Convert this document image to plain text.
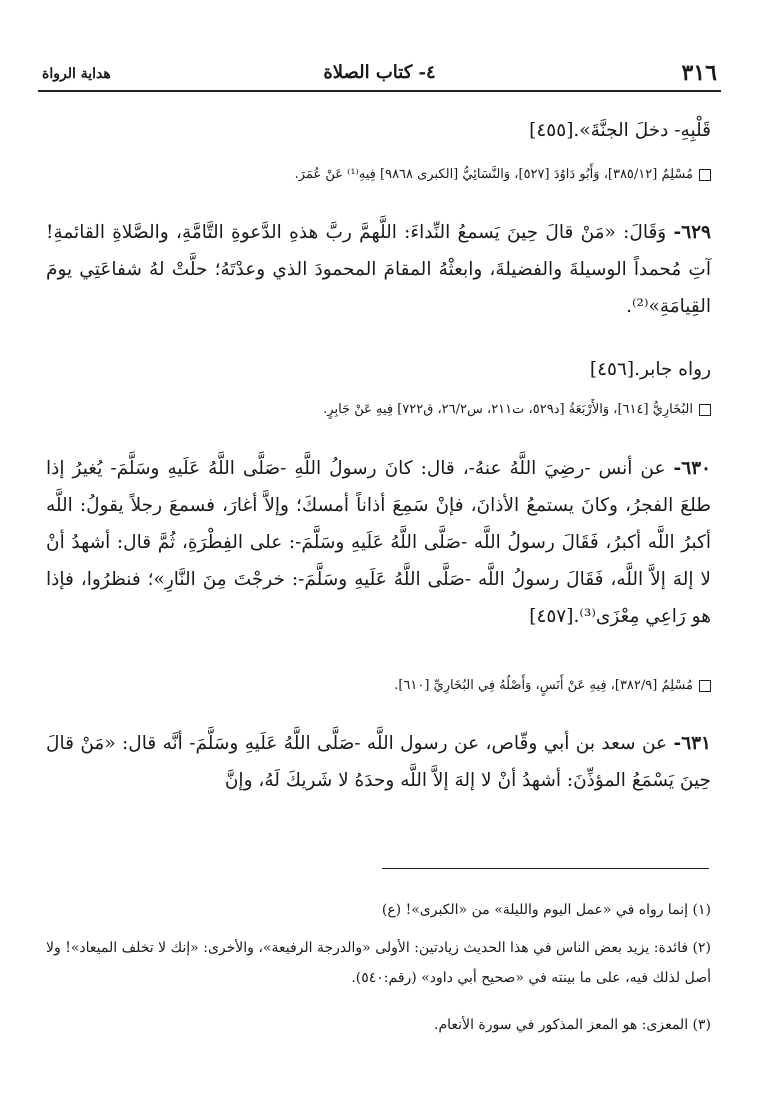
٣١٦
٤- كتاب الصلاة
هداية الرواة
قَلْبِهِ- دخلَ الجنَّةَ».[٤٥٥]
مُسْلِمٌ [٣٨٥/١٢]، وَأَبُو دَاوُدَ [٥٢٧]، وَالنَّسَائِيُّ [الكبرى ٩٨٦٨] فِيهِ⁽¹⁾ عَنْ عُمَرَ.
٦٢٩- وَقَالَ: «مَنْ قالَ حِينَ يَسمعُ النِّداءَ: اللَّهمَّ ربَّ هذهِ الدَّعوةِ التَّامَّةِ، والصَّلاةِ القائمةِ! آتِ مُحمداً الوسيلةَ والفضيلةَ، وابعثْهُ المقامَ المحمودَ الذي وعدْتَهُ؛ حلَّتْ لهُ شفاعَتِي يومَ القِيامَةِ»⁽²⁾.
رواه جابر.[٤٥٦]
البُخَارِيُّ [٦١٤]، وَالأَرْبَعَةُ [د٥٢٩، ت٢١١، س٢٦/٢، ق٧٢٢] فِيهِ عَنْ جَابِرٍ.
٦٣٠- عن أنس -رضِيَ اللَّهُ عنهُ-، قال: كانَ رسولُ اللَّهِ -صَلَّى اللَّهُ عَلَيهِ وسَلَّمَ- يُغيرُ إذا طلعَ الفجرُ، وكانَ يستمعُ الأذانَ، فإنْ سَمِعَ أذاناً أمسكَ؛ وإلاَّ أغارَ، فسمعَ رجلاً يقولُ: اللَّه أكبرُ اللَّه أكبرُ، فَقَالَ رسولُ اللَّه -صَلَّى اللَّهُ عَلَيهِ وسَلَّمَ-: على الفِطْرَةِ، ثُمَّ قال: أشهدُ أنْ لا إلهَ إلاَّ اللَّه، فَقَالَ رسولُ اللَّه -صَلَّى اللَّهُ عَلَيهِ وسَلَّمَ-: خرجْتَ مِنَ النَّارِ»؛ فنظرُوا، فإذا هو رَاعِي مِعْزَى⁽³⁾.[٤٥٧]
مُسْلِمٌ [٣٨٢/٩]، فِيهِ عَنْ أَنَسٍ، وَأَصْلُهُ فِي البُخَارِيِّ [٦١٠].
٦٣١- عن سعد بن أبي وقّاص، عن رسول اللَّه -صَلَّى اللَّهُ عَلَيهِ وسَلَّمَ- أنَّه قال: «مَنْ قالَ حِينَ يَسْمَعُ المؤذِّنَ: أشهدُ أنْ لا إلهَ إلاَّ اللَّه وحدَهُ لا شَريكَ لَهُ، وإنَّ
(١) إنما رواه في «عمل اليوم والليلة» من «الكبرى»! (ع)
(٢) فائدة: يزيد بعض الناس في هذا الحديث زيادتين: الأولى «والدرجة الرفيعة»، والأخرى: «إنك لا تخلف الميعاد»! ولا أصل لذلك فيه، على ما بينته في «صحيح أبي داود» (رقم:٥٤٠).
(٣) المعزى: هو المعز المذكور في سورة الأنعام.
